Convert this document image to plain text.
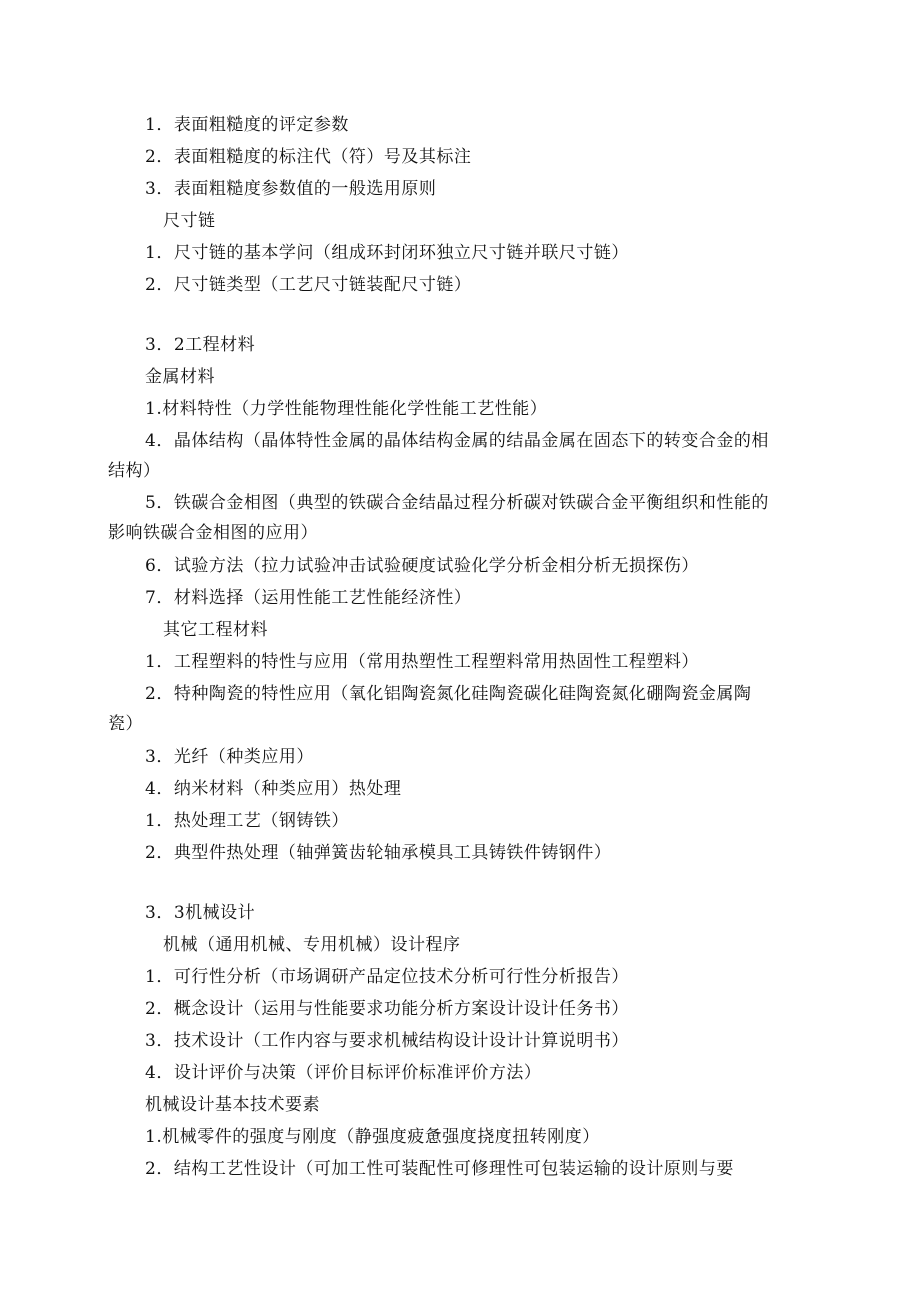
1．表面粗糙度的评定参数
2．表面粗糙度的标注代（符）号及其标注
3．表面粗糙度参数值的一般选用原则
尺寸链
1．尺寸链的基本学问（组成环封闭环独立尺寸链并联尺寸链）
2．尺寸链类型（工艺尺寸链装配尺寸链）
3．2工程材料
金属材料
1.材料特性（力学性能物理性能化学性能工艺性能）
4．晶体结构（晶体特性金属的晶体结构金属的结晶金属在固态下的转变合金的相
结构）
5．铁碳合金相图（典型的铁碳合金结晶过程分析碳对铁碳合金平衡组织和性能的
影响铁碳合金相图的应用）
6．试验方法（拉力试验冲击试验硬度试验化学分析金相分析无损探伤）
7．材料选择（运用性能工艺性能经济性）
其它工程材料
1．工程塑料的特性与应用（常用热塑性工程塑料常用热固性工程塑料）
2．特种陶瓷的特性应用（氧化铝陶瓷氮化硅陶瓷碳化硅陶瓷氮化硼陶瓷金属陶
瓷）
3．光纤（种类应用）
4．纳米材料（种类应用）热处理
1．热处理工艺（钢铸铁）
2．典型件热处理（轴弹簧齿轮轴承模具工具铸铁件铸钢件）
3．3机械设计
机械（通用机械、专用机械）设计程序
1．可行性分析（市场调研产品定位技术分析可行性分析报告）
2．概念设计（运用与性能要求功能分析方案设计设计任务书）
3．技术设计（工作内容与要求机械结构设计设计计算说明书）
4．设计评价与决策（评价目标评价标准评价方法）
机械设计基本技术要素
1.机械零件的强度与刚度（静强度疲惫强度挠度扭转刚度）
2．结构工艺性设计（可加工性可装配性可修理性可包装运输的设计原则与要
